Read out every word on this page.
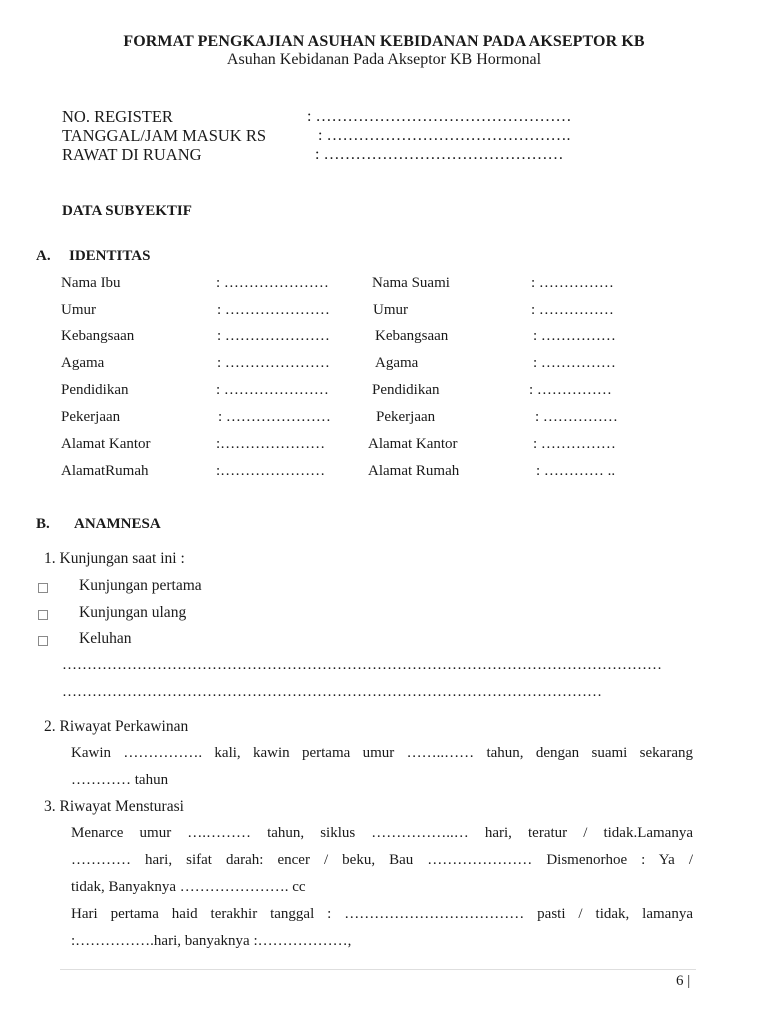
FORMAT PENGKAJIAN ASUHAN KEBIDANAN PADA AKSEPTOR KB
Asuhan Kebidanan Pada Akseptor KB Hormonal
NO. REGISTER	: …………………………………………
TANGGAL/JAM MASUK RS	: ……………………………………….
RAWAT DI RUANG	: ………………………………………
DATA SUBYEKTIF
A. IDENTITAS
Nama Ibu	: …………………	Nama Suami	: ……………
Umur	: …………………	Umur	: ……………
Kebangsaan	: …………………	Kebangsaan	: ……………
Agama	: …………………	Agama	: ……………
Pendidikan	: …………………	Pendidikan	: ……………
Pekerjaan	: …………………	Pekerjaan	: ……………
Alamat Kantor	:…………………	Alamat Kantor	: ……………
AlamatRumah	:…………………	Alamat Rumah	: ………… ..
B. ANAMNESA
1. Kunjungan saat ini :
Kunjungan pertama
Kunjungan ulang
Keluhan
…………………………………………………………………………………………………………
………………………………………………………………………………………………
2. Riwayat Perkawinan
Kawin ……………. kali, kawin pertama umur ……..…… tahun, dengan suami sekarang
………… tahun
3. Riwayat Mensturasi
Menarce umur ….……… tahun, siklus ……………..… hari, teratur / tidak.Lamanya
………… hari, sifat darah: encer / beku, Bau ………………… Dismenorhoe : Ya /
tidak, Banyaknya …………………. cc
Hari pertama haid terakhir tanggal : ……………………………… pasti / tidak, lamanya
:…………….hari, banyaknya :………………,
6 |
